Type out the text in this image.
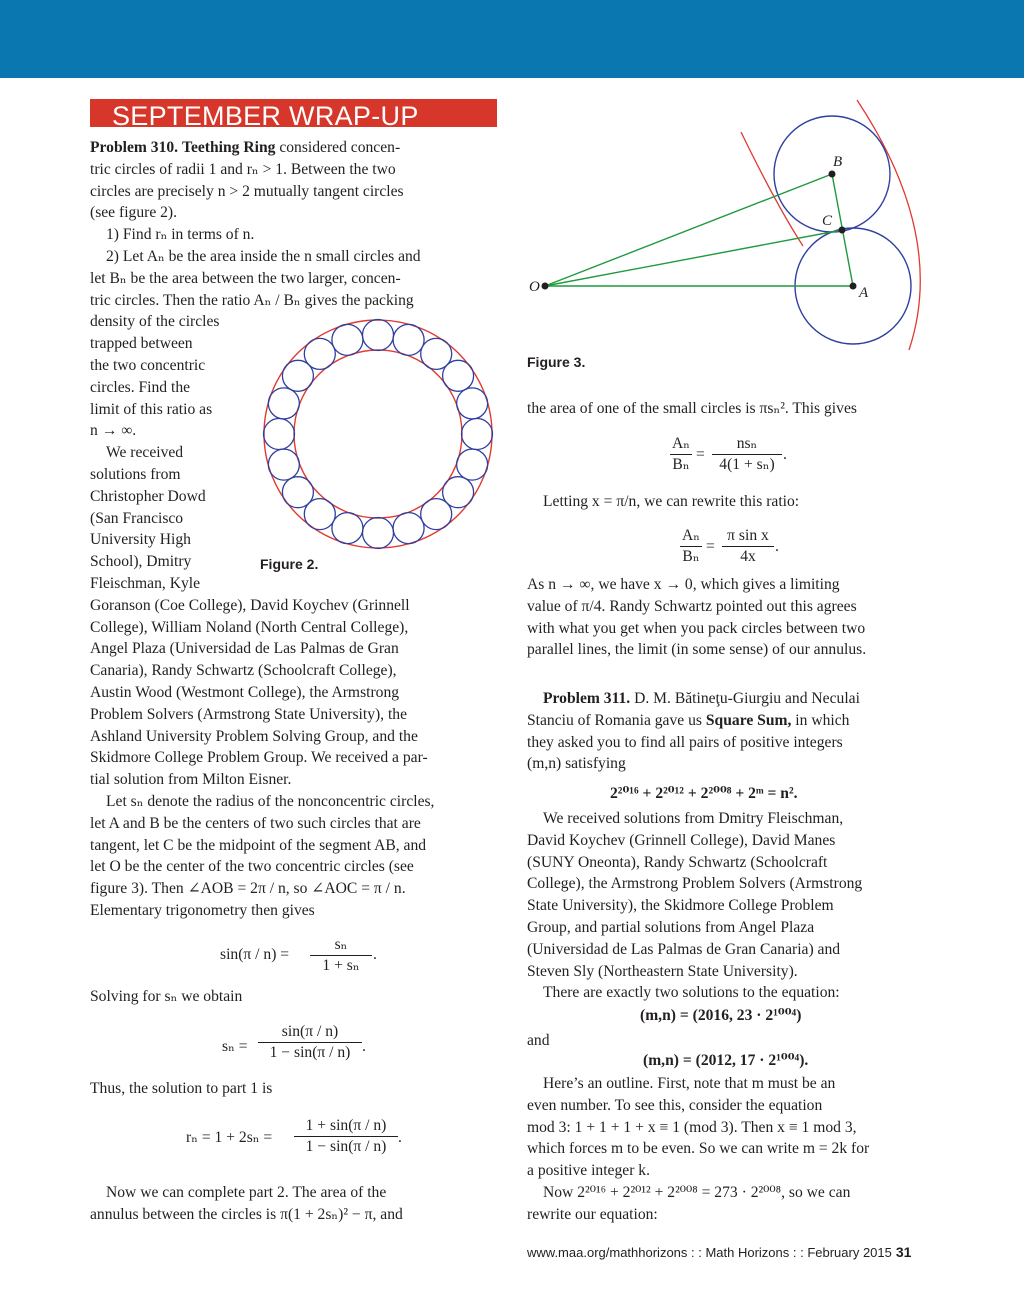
SEPTEMBER WRAP-UP

Problem 310. Teething Ring considered concen-

tric circles of radii 1 and rₙ > 1. Between the two

circles are precisely n > 2 mutually tangent circles

(see figure 2).

1) Find rₙ in terms of n.

2) Let Aₙ be the area inside the n small circles and

let Bₙ be the area between the two larger, concen-

tric circles. Then the ratio Aₙ / Bₙ gives the packing

density of the circles

trapped between

the two concentric

circles. Find the

limit of this ratio as

n → ∞.

We received

solutions from

Christopher Dowd

(San Francisco

University High

School), Dmitry

Fleischman, Kyle

Goranson (Coe College), David Koychev (Grinnell

College), William Noland (North Central College),

Angel Plaza (Universidad de Las Palmas de Gran

Canaria), Randy Schwartz (Schoolcraft College),

Austin Wood (Westmont College), the Armstrong

Problem Solvers (Armstrong State University), the

Ashland University Problem Solving Group, and the

Skidmore College Problem Group. We received a par-

tial solution from Milton Eisner.

Let sₙ denote the radius of the nonconcentric circles,

let A and B be the centers of two such circles that are

tangent, let C be the midpoint of the segment AB, and

let O be the center of the two concentric circles (see

figure 3). Then ∠AOB = 2π / n, so ∠AOC = π / n.

Elementary trigonometry then gives

Figure 2.
$\sin(\pi / n) = \frac{\text{sₙ}}{\text{1 + sₙ}}$ .
Solving for sₙ we obtain
$s_n = \frac{\sin(\pi / n)}{1 - \sin(\pi / n)}$ .
Thus, the solution to part 1 is
$r_n = 1 + 2s_n = \frac{1 + \sin(\pi / n)}{1 - \sin(\pi / n)}$ .
Now we can complete part 2. The area of the
annulus between the circles is π(1 + 2sₙ)² − π, and
B
C
O	A
Figure 3.
the area of one of the small circles is πsₙ². This gives
$\frac{\text{Aₙ}}{\text{Bₙ}}$ =
nsₙ
4(1 + sₙ)
.
Letting x = π/n, we can rewrite this ratio:
$\frac{\text{Aₙ}}{\text{Bₙ}} = \frac{\text{π sin x}}{4x}$ .

As n → ∞, we have x → 0, which gives a limiting

value of π/4. Randy Schwartz pointed out this agrees

with what you get when you pack circles between two

parallel lines, the limit (in some sense) of our annulus.

Problem 311. D. M. Bătineţu-Giurgiu and Neculai

Stanciu of Romania gave us Square Sum, in which

they asked you to find all pairs of positive integers

(m,n) satisfying

2²⁰¹⁶ + 2²⁰¹² + 2²⁰⁰⁸ + 2ᵐ = n².

We received solutions from Dmitry Fleischman,

David Koychev (Grinnell College), David Manes

(SUNY Oneonta), Randy Schwartz (Schoolcraft

College), the Armstrong Problem Solvers (Armstrong

State University), the Skidmore College Problem

Group, and partial solutions from Angel Plaza

(Universidad de Las Palmas de Gran Canaria) and

Steven Sly (Northeastern State University).

There are exactly two solutions to the equation:

(m,n) = (2016, 23 · 2¹⁰⁰⁴)
and
(m,n) = (2012, 17 · 2¹⁰⁰⁴).

Here’s an outline. First, note that m must be an

even number. To see this, consider the equation

mod 3: 1 + 1 + 1 + x ≡ 1 (mod 3). Then x ≡ 1 mod 3,

which forces m to be even. So we can write m = 2k for

a positive integer k.

Now 2²⁰¹⁶ + 2²⁰¹² + 2²⁰⁰⁸ = 273 · 2²⁰⁰⁸, so we can

rewrite our equation:

www.maa.org/mathhorizons : : Math Horizons : : February 2015 31
